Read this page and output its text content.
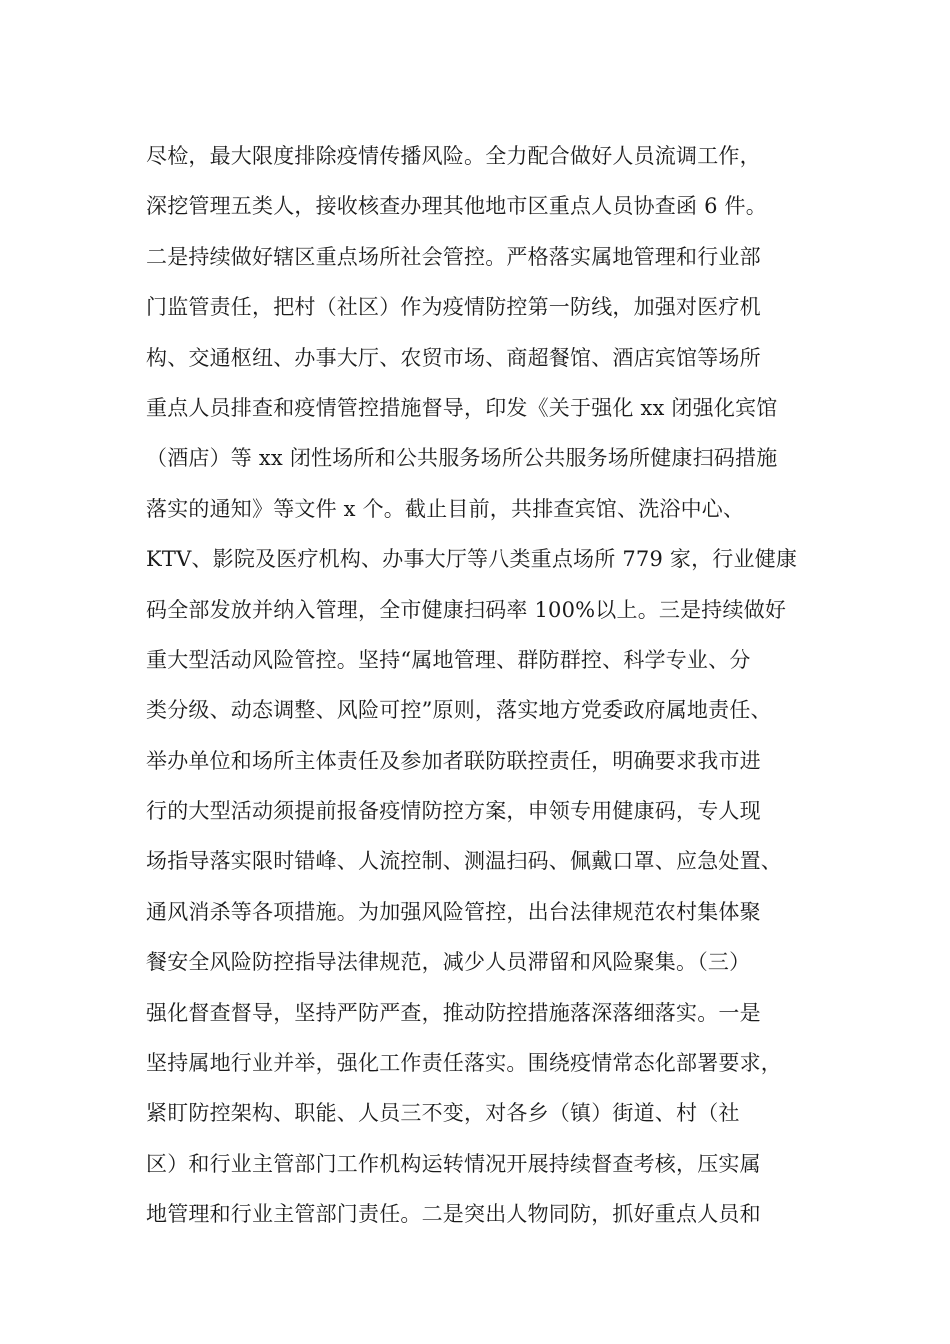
尽检，最大限度排除疫情传播风险。全力配合做好人员流调工作，
深挖管理五类人，接收核查办理其他地市区重点人员协查函 6 件。
二是持续做好辖区重点场所社会管控。严格落实属地管理和行业部
门监管责任，把村（社区）作为疫情防控第一防线，加强对医疗机
构、交通枢纽、办事大厅、农贸市场、商超餐馆、酒店宾馆等场所
重点人员排查和疫情管控措施督导，印发《关于强化 xx 闭强化宾馆
（酒店）等 xx 闭性场所和公共服务场所公共服务场所健康扫码措施
落实的通知》等文件 x 个。截止目前，共排查宾馆、洗浴中心、
KTV、影院及医疗机构、办事大厅等八类重点场所 779 家，行业健康
码全部发放并纳入管理，全市健康扫码率 100%以上。三是持续做好
重大型活动风险管控。坚持“属地管理、群防群控、科学专业、分
类分级、动态调整、风险可控”原则，落实地方党委政府属地责任、
举办单位和场所主体责任及参加者联防联控责任，明确要求我市进
行的大型活动须提前报备疫情防控方案，申领专用健康码，专人现
场指导落实限时错峰、人流控制、测温扫码、佩戴口罩、应急处置、
通风消杀等各项措施。为加强风险管控，出台法律规范农村集体聚
餐安全风险防控指导法律规范，减少人员滞留和风险聚集。（三）
强化督查督导，坚持严防严查，推动防控措施落深落细落实。一是
坚持属地行业并举，强化工作责任落实。围绕疫情常态化部署要求，
紧盯防控架构、职能、人员三不变，对各乡（镇）街道、村（社
区）和行业主管部门工作机构运转情况开展持续督查考核，压实属
地管理和行业主管部门责任。二是突出人物同防，抓好重点人员和
